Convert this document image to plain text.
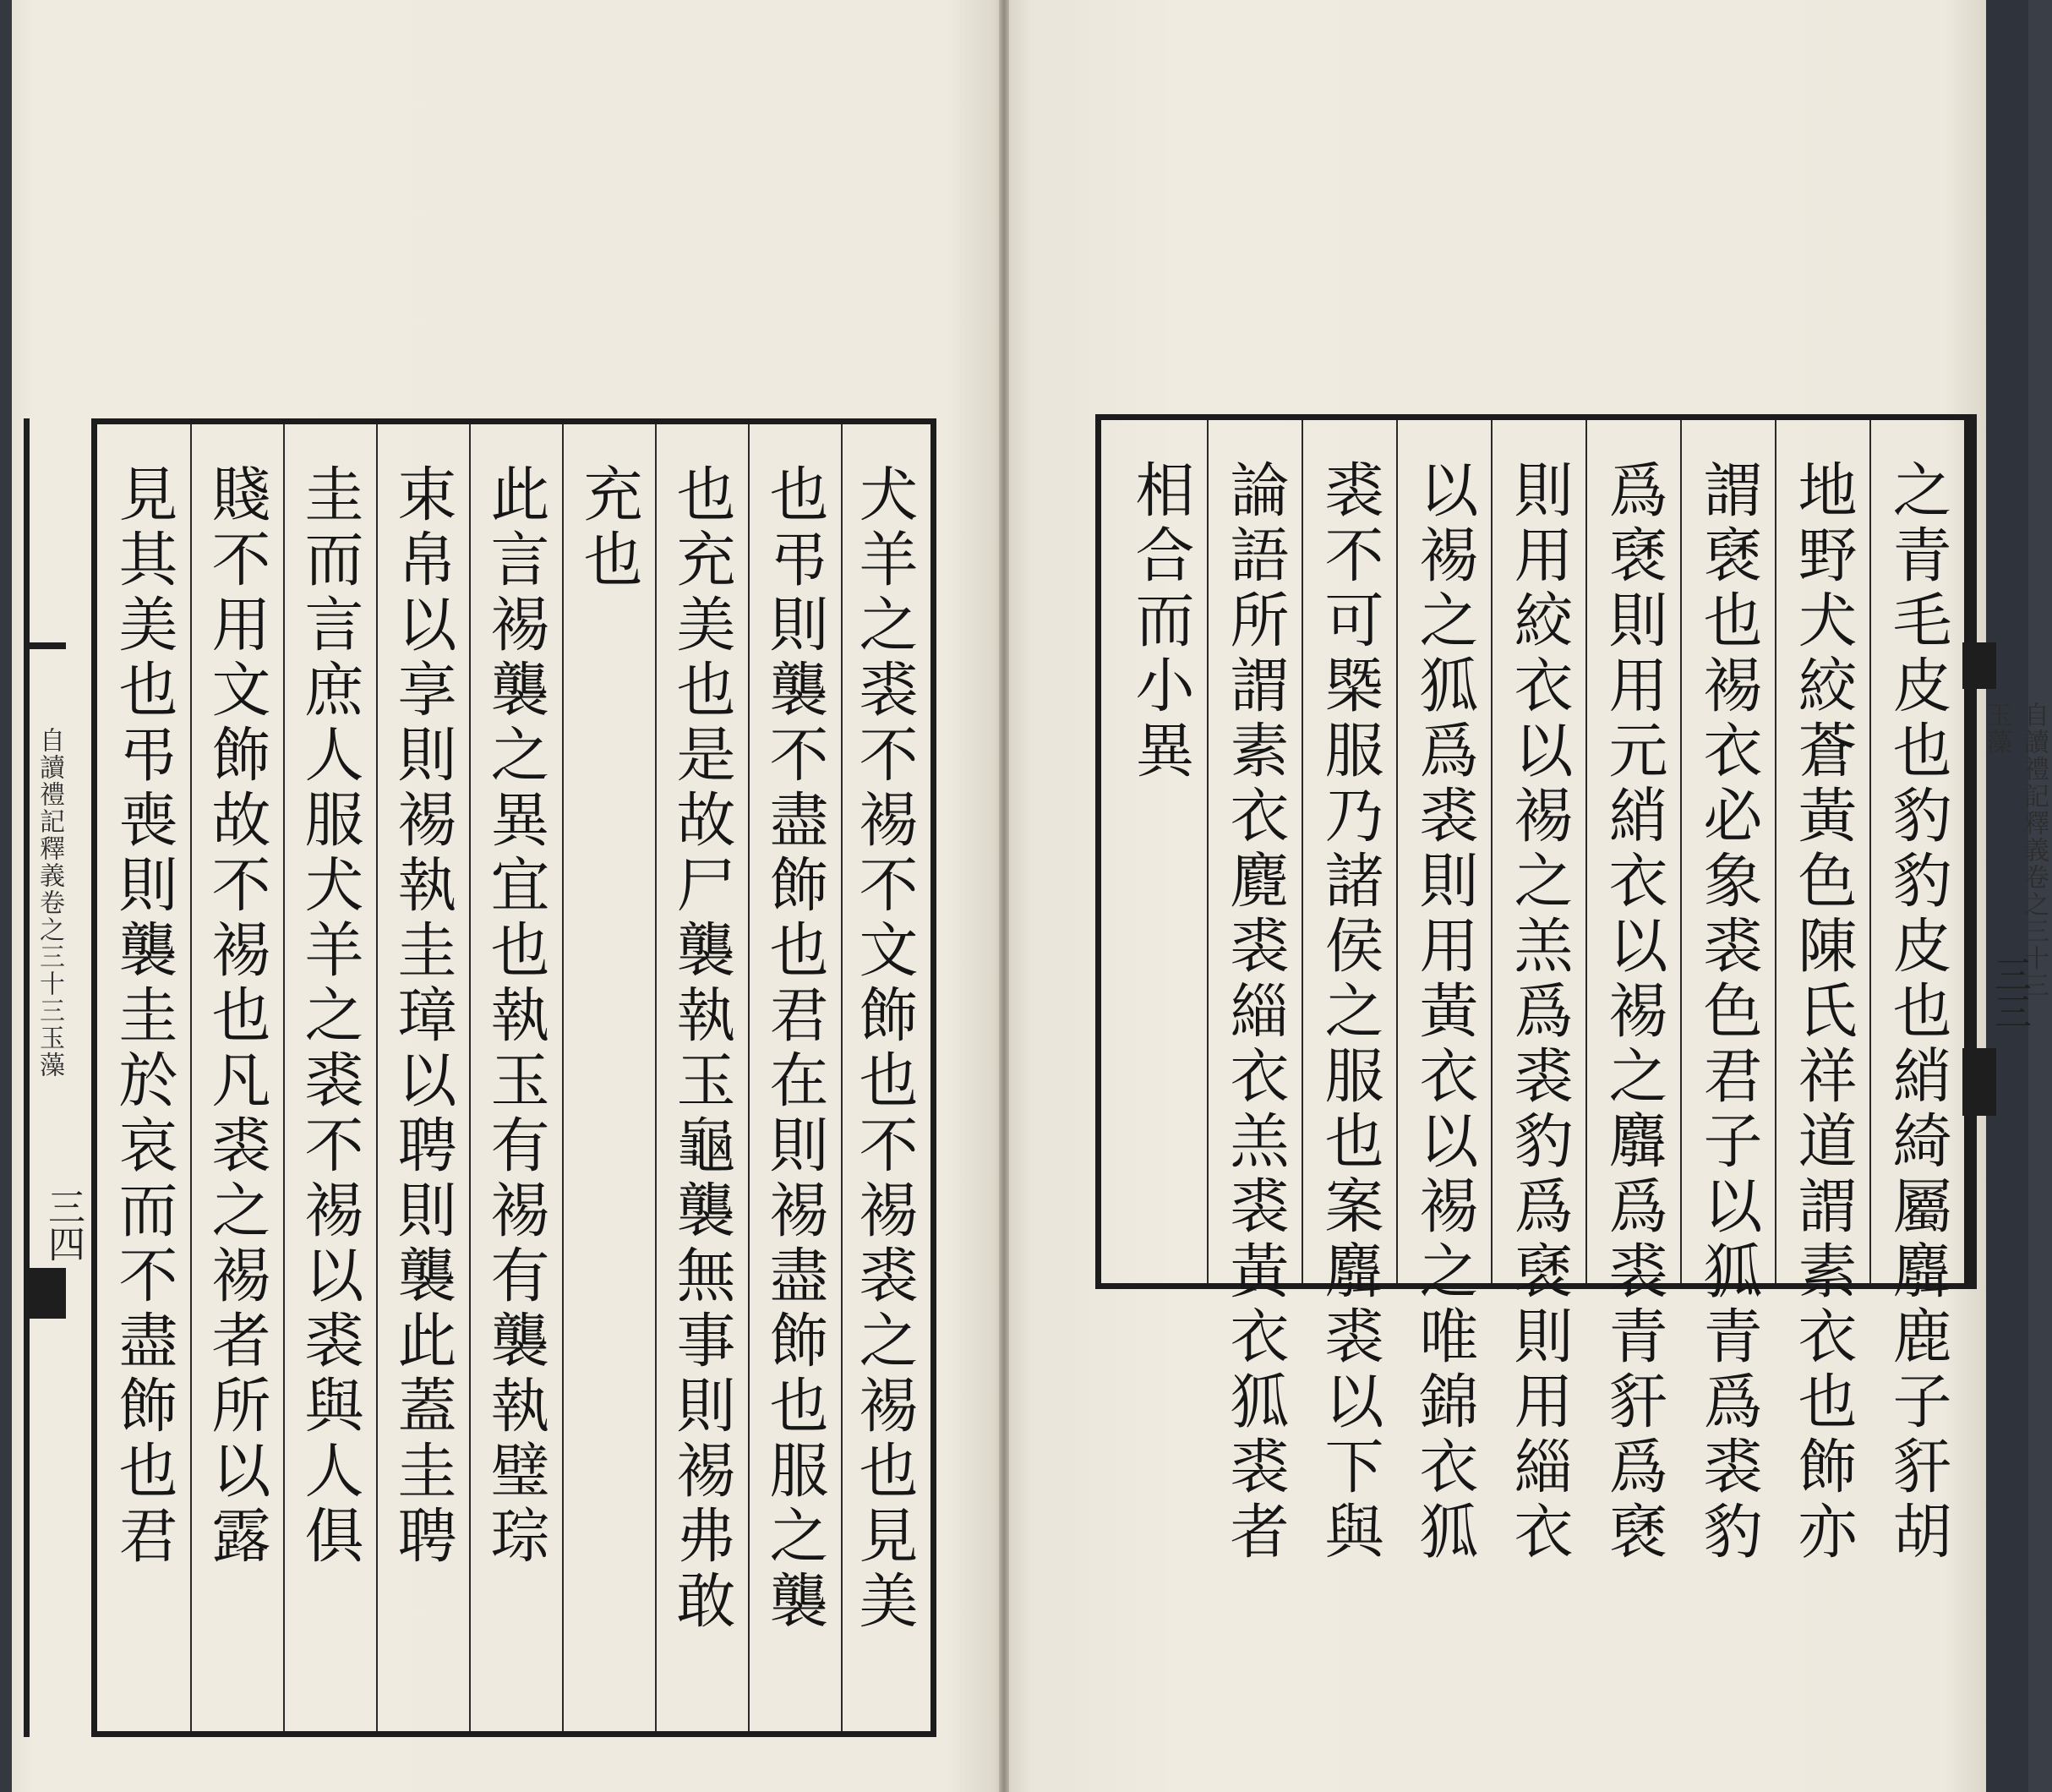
自讀禮記釋義卷之三十三玉藻
三四	犬羊之裘不裼不文飾也不裼裘之裼也見美
也弔則襲不盡飾也君在則裼盡飾也服之襲
也充美也是故尸襲執玉龜襲無事則裼弗敢
充也
此言裼襲之異宜也執玉有裼有襲執璧琮
束帛以享則裼執圭璋以聘則襲此蓋圭聘
圭而言庶人服犬羊之裘不裼以裘與人俱
賤不用文飾故不裼也凡裘之裼者所以露
見其美也弔喪則襲圭於哀而不盡飾也君	之青毛皮也豹豹皮也綃綺屬麛鹿子豻胡
地野犬絞蒼黃色陳氏祥道謂素衣也飾亦
謂褎也裼衣必象裘色君子以狐青爲裘豹
爲褎則用元綃衣以裼之麛爲裘青豻爲褎
則用絞衣以裼之羔爲裘豹爲褎則用緇衣
以裼之狐爲裘則用黃衣以裼之唯錦衣狐
裘不可槩服乃諸侯之服也案麛裘以下與
論語所謂素衣麑裘緇衣羔裘黃衣狐裘者
相合而小異
自讀禮記釋義卷之三十三玉藻
三三
